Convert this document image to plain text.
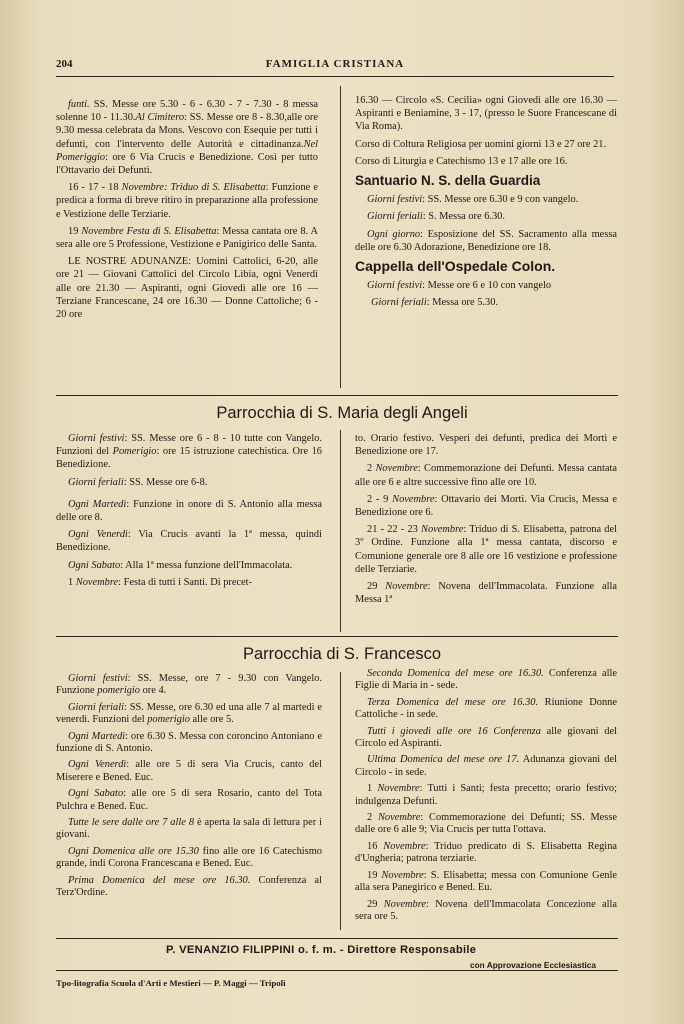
204	FAMIGLIA CRISTIANA

funti. SS. Messe ore 5.30 - 6 - 6.30 - 7 - 7.30 - 8 messa solenne 10 - 11.30.Al Cimitero: SS. Messe ore 8 - 8.30,alle ore 9.30 messa celebrata da Mons. Vescovo con Esequie per tutti i defunti, con l'intervento delle Autorità e cittadinanza.Nel Pomeriggio: ore 6 Via Crucis e Benedizione. Così per tutto l'Ottavario dei Defunti.

16 - 17 - 18 Novembre: Triduo di S. Elisabetta: Funzione e predica a forma di breve ritiro in preparazione alla professione e Vestizione delle Terziarie.

19 Novembre Festa di S. Elisabetta: Messa cantata ore 8. A sera alle ore 5 Professione, Vestizione e Panigirico delle Santa.

LE NOSTRE ADUNANZE: Uomini Cattolici, 6-20, alle ore 21 — Giovani Cattolici del Circolo Libia, ogni Venerdì alle ore 21.30 — Aspiranti, ogni Giovedì alle ore 16 — Terziane Francescane, 24 ore 16.30 — Donne Cattoliche; 6 - 20 ore

16.30 — Circolo «S. Cecilia» ogni Giovedì alle ore 16.30 — Aspiranti e Beniamine, 3 - 17, (presso le Suore Francescane di Via Roma).

Corso di Coltura Religiosa per uomini giorni 13 e 27 ore 21.

Corso di Liturgia e Catechismo 13 e 17 alle ore 16.

Santuario N. S. della Guardia

Giorni festivi: SS. Messe ore 6.30 e 9 con vangelo.

Giorni feriali: S. Messa ore 6.30.

Ogni giorno: Esposizione del SS. Sacramento alla messa delle ore 6.30 Adorazione, Benedizione ore 18.

Cappella dell'Ospedale Colon.

Giorni festivi: Messe ore 6 e 10 con vangelo

Giorni feriali: Messa ore 5.30.

Parrocchia di S. Maria degli Angeli

Giorni festivi: SS. Messe ore 6 - 8 - 10 tutte con Vangelo. Funzioni del Pomerigio: ore 15 istruzione catechistica. Ore 16 Benedizione.

Giorni feriali: SS. Messe ore 6-8.

Ogni Martedì: Funzione in onore di S. Antonio alla messa delle ore 8.

Ogni Venerdì: Via Crucis avanti la 1ª messa, quindi Benedizione.

Ogni Sabato: Alla 1ª messa funzione dell'Immacolata.

1 Novembre: Festa di tutti i Santi. Di precet-

to. Orario festivo. Vesperi dei defunti, predica dei Morti e Benedizione ore 17.

2 Novembre: Commemorazione dei Defunti. Messa cantata alle ore 6 e altre successive fino alle ore 10.

2 - 9 Novembre: Ottavario dei Morti. Via Crucis, Messa e Benedizione ore 6.

21 - 22 - 23 Novembre: Triduo di S. Elisabetta, patrona del 3º Ordine. Funzione alla 1ª messa cantata, discorso e Comunione generale ore 8 alle ore 16 vestizione e professione delle Terziarie.

29 Novembre: Novena dell'Immacolata. Funzione alla Messa 1ª

Parrocchia di S. Francesco

Giorni festivi: SS. Messe, ore 7 - 9.30 con Vangelo. Funzione pomerigio ore 4.

Giorni feriali: SS. Messe, ore 6.30 ed una alle 7 al martedì e venerdì. Funzioni del pomerigio alle ore 5.

Ogni Martedì: ore 6.30 S. Messa con coroncino Antoniano e funzione di S. Antonio.

Ogni Venerdì: alle ore 5 di sera Via Crucis, canto del Miserere e Bened. Euc.

Ogni Sabato: alle ore 5 di sera Rosario, canto del Tota Pulchra e Bened. Euc.

Tutte le sere dalle ore 7 alle 8 è aperta la sala di lettura per i giovani.

Ogni Domenica alle ore 15.30 fino alle ore 16 Catechismo grande, indi Corona Francescana e Bened. Euc.

Prima Domenica del mese ore 16.30. Conferenza al Terz'Ordine.

Seconda Domenica del mese ore 16.30. Conferenza alle Figlie di Maria in - sede.

Terza Domenica del mese ore 16.30. Riunione Donne Cattoliche - in sede.

Tutti i giovedì alle ore 16 Conferenza alle giovani del Circolo ed Aspiranti.

Ultima Domenica del mese ore 17. Adunanza giovani del Circolo - in sede.

1 Novembre: Tutti i Santi; festa precetto; orario festivo; indulgenza Defunti.

2 Novembre: Commemorazione dei Defunti; SS. Messe dalle ore 6 alle 9; Via Crucis per tutta l'ottava.

16 Novembre: Triduo predicato di S. Elisabetta Regina d'Ungheria; patrona terziarie.

19 Novembre: S. Elisabetta; messa con Comunione Genle alla sera Panegirico e Bened. Eu.

29 Novembre: Novena dell'Immacolata Concezione alla sera ore 5.

P. VENANZIO FILIPPINI o. f. m. - Direttore Responsabile
con Approvazione Ecclesiastica
Tpo-litografia Scuola d'Arti e Mestieri — P. Maggi — Tripoli
